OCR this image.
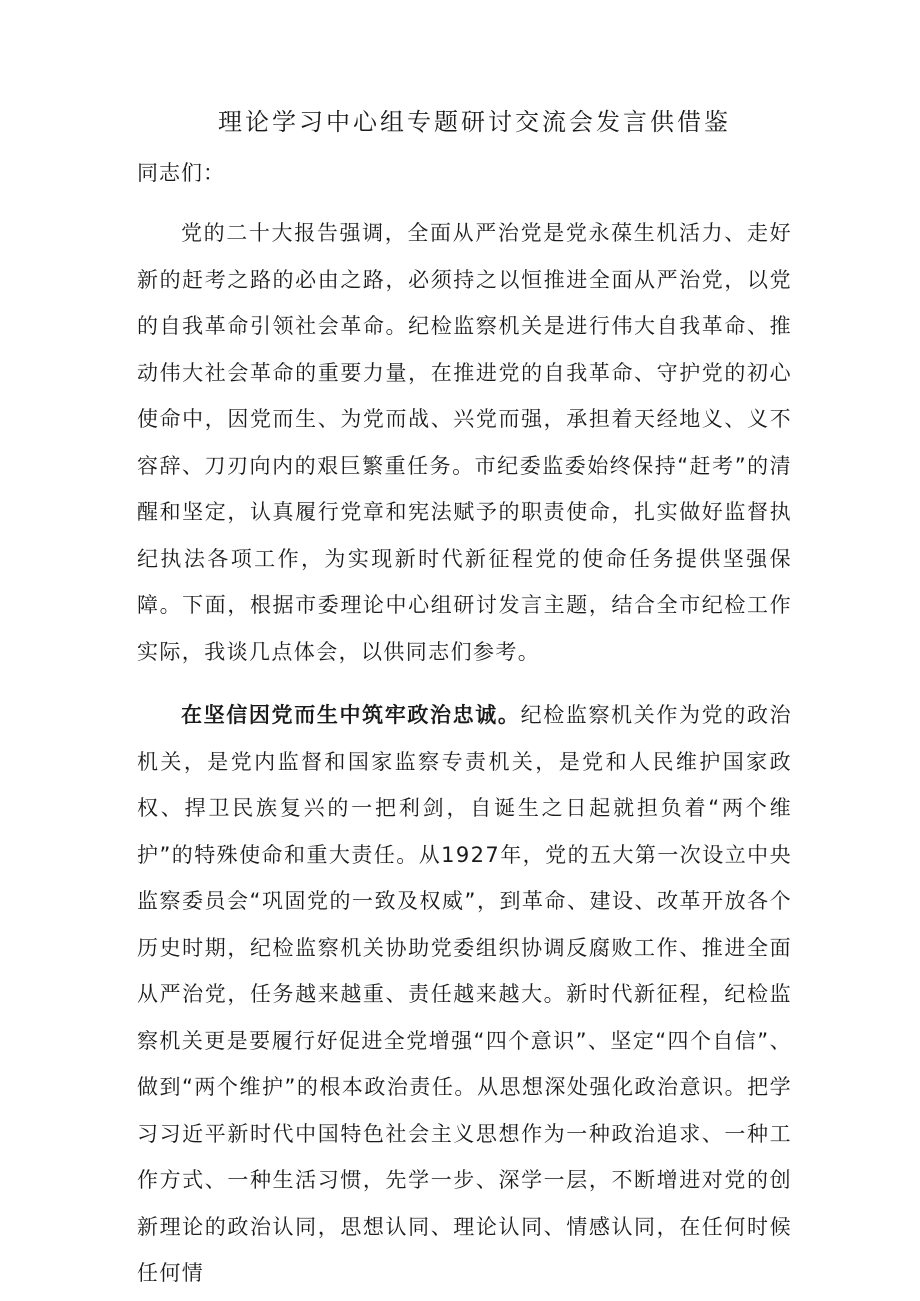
理论学习中心组专题研讨交流会发言供借鉴

同志们：

党的二十大报告强调，全面从严治党是党永葆生机活力、走好新的赶考之路的必由之路，必须持之以恒推进全面从严治党，以党的自我革命引领社会革命。纪检监察机关是进行伟大自我革命、推动伟大社会革命的重要力量，在推进党的自我革命、守护党的初心使命中，因党而生、为党而战、兴党而强，承担着天经地义、义不容辞、刀刃向内的艰巨繁重任务。市纪委监委始终保持“赶考”的清醒和坚定，认真履行党章和宪法赋予的职责使命，扎实做好监督执纪执法各项工作，为实现新时代新征程党的使命任务提供坚强保障。下面，根据市委理论中心组研讨发言主题，结合全市纪检工作实际，我谈几点体会，以供同志们参考。

在坚信因党而生中筑牢政治忠诚。纪检监察机关作为党的政治机关，是党内监督和国家监察专责机关，是党和人民维护国家政权、捍卫民族复兴的一把利剑，自诞生之日起就担负着“两个维护”的特殊使命和重大责任。从1927年，党的五大第一次设立中央监察委员会“巩固党的一致及权威”，到革命、建设、改革开放各个历史时期，纪检监察机关协助党委组织协调反腐败工作、推进全面从严治党，任务越来越重、责任越来越大。新时代新征程，纪检监察机关更是要履行好促进全党增强“四个意识”、坚定“四个自信”、做到“两个维护”的根本政治责任。从思想深处强化政治意识。把学习习近平新时代中国特色社会主义思想作为一种政治追求、一种工作方式、一种生活习惯，先学一步、深学一层，不断增进对党的创新理论的政治认同，思想认同、理论认同、情感认同，在任何时候任何情
